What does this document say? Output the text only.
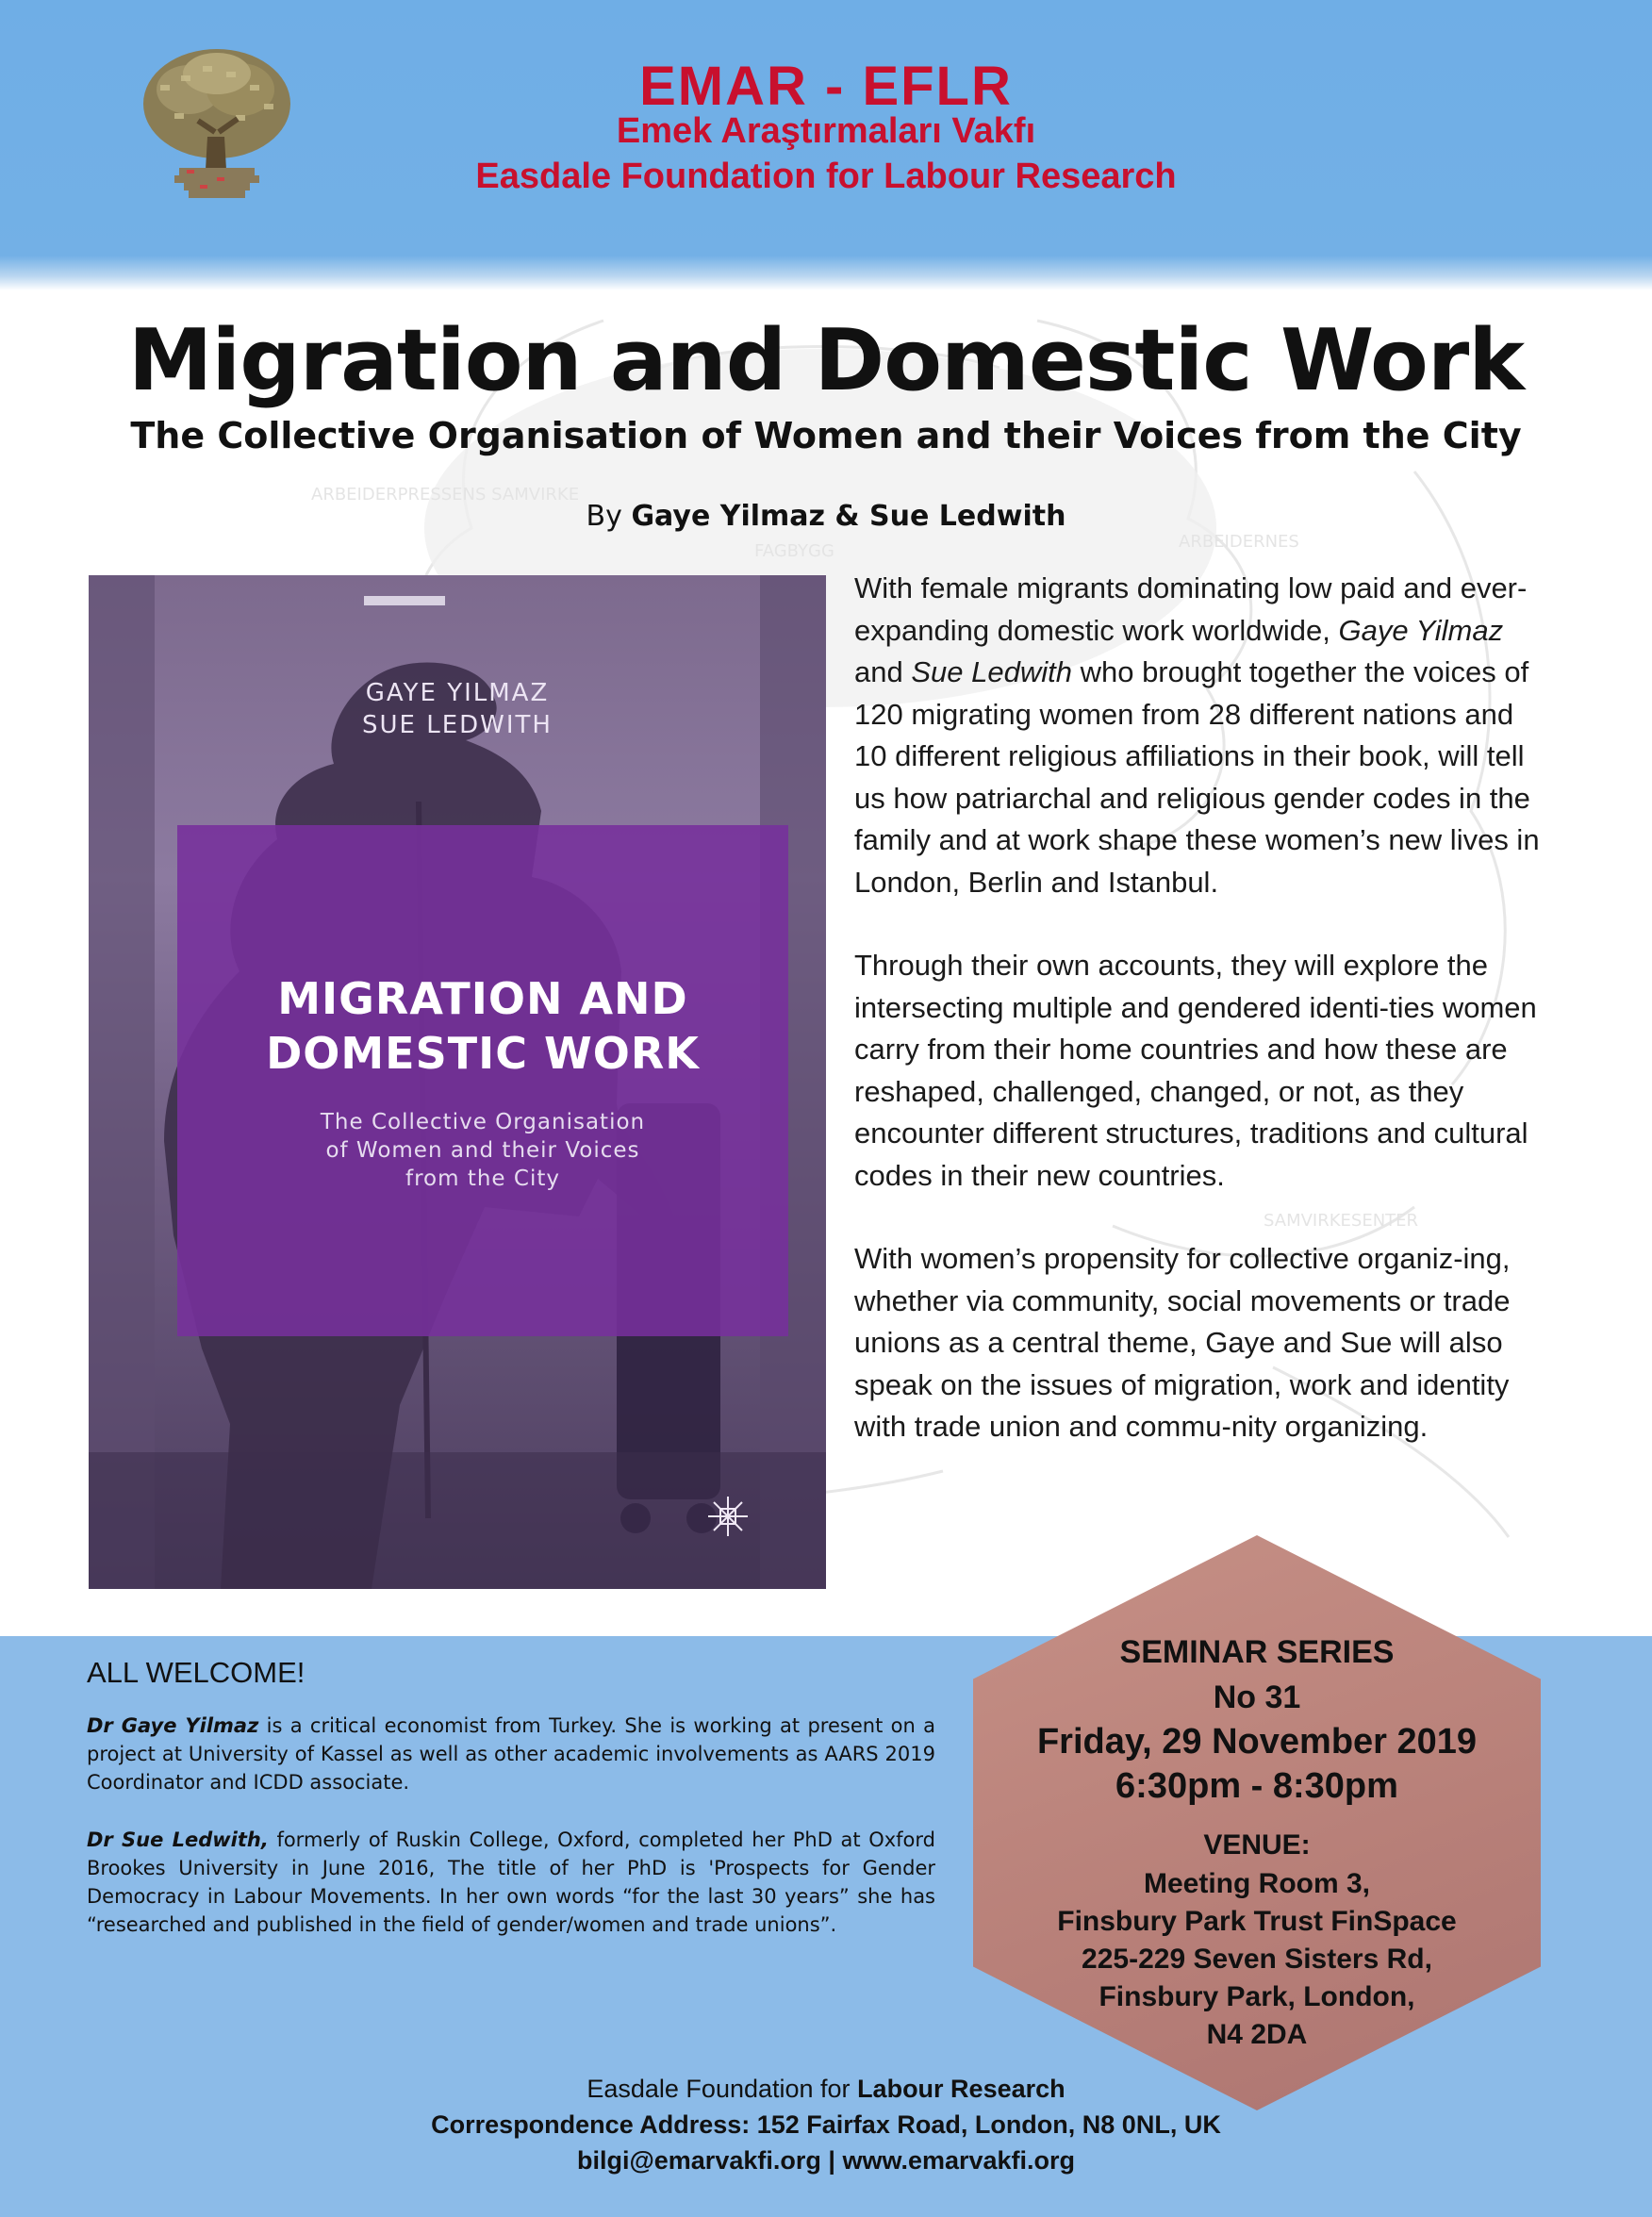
EMAR - EFLR
Emek Araştırmaları Vakfı
Easdale Foundation for Labour Research
ARBEIDERPRESSENS SAMVIRKE
FAGBYGG	ARBEIDERNES
SAMVIRKESENTER
Migration and Domestic Work
The Collective Organisation of Women and their Voices from the City
By Gaye Yilmaz & Sue Ledwith
GAYE YILMAZ
SUE LEDWITH
MIGRATION AND
DOMESTIC WORK
The Collective Organisation
of Women and their Voices
from the City

With female migrants dominating low paid and ever-expanding domestic work worldwide, Gaye Yilmaz and Sue Ledwith who brought together the voices of 120 migrating women from 28 different nations and 10 different religious affiliations in their book, will tell us how patriarchal and religious gender codes in the family and at work shape these women’s new lives in London, Berlin and Istanbul.

Through their own accounts, they will explore the intersecting multiple and gendered identi-ties women carry from their home countries and how these are reshaped, challenged, changed, or not, as they encounter different structures, traditions and cultural codes in their new countries.

With women’s propensity for collective organiz-ing, whether via community, social movements or trade unions as a central theme, Gaye and Sue will also speak on the issues of migration, work and identity with trade union and commu-nity organizing.

ALL WELCOME!
Dr Gaye Yilmaz is a critical economist from Turkey. She is working at present on a project at University of Kassel as well as other academic involvements as AARS 2019 Coordinator and ICDD associate.
Dr Sue Ledwith, formerly of Ruskin College, Oxford, completed her PhD at Oxford Brookes University in June 2016, The title of her PhD is 'Prospects for Gender Democracy in Labour Movements. In her own words “for the last 30 years” she has “researched and published in the field of gender/women and trade unions”.
SEMINAR SERIES
No 31
Friday, 29 November 2019
6:30pm - 8:30pm
VENUE:
Meeting Room 3,
Finsbury Park Trust FinSpace
225-229 Seven Sisters Rd,
Finsbury Park, London,
N4 2DA
Easdale Foundation for Labour Research
Correspondence Address: 152 Fairfax Road, London, N8 0NL, UK
bilgi@emarvakfi.org | www.emarvakfi.org
